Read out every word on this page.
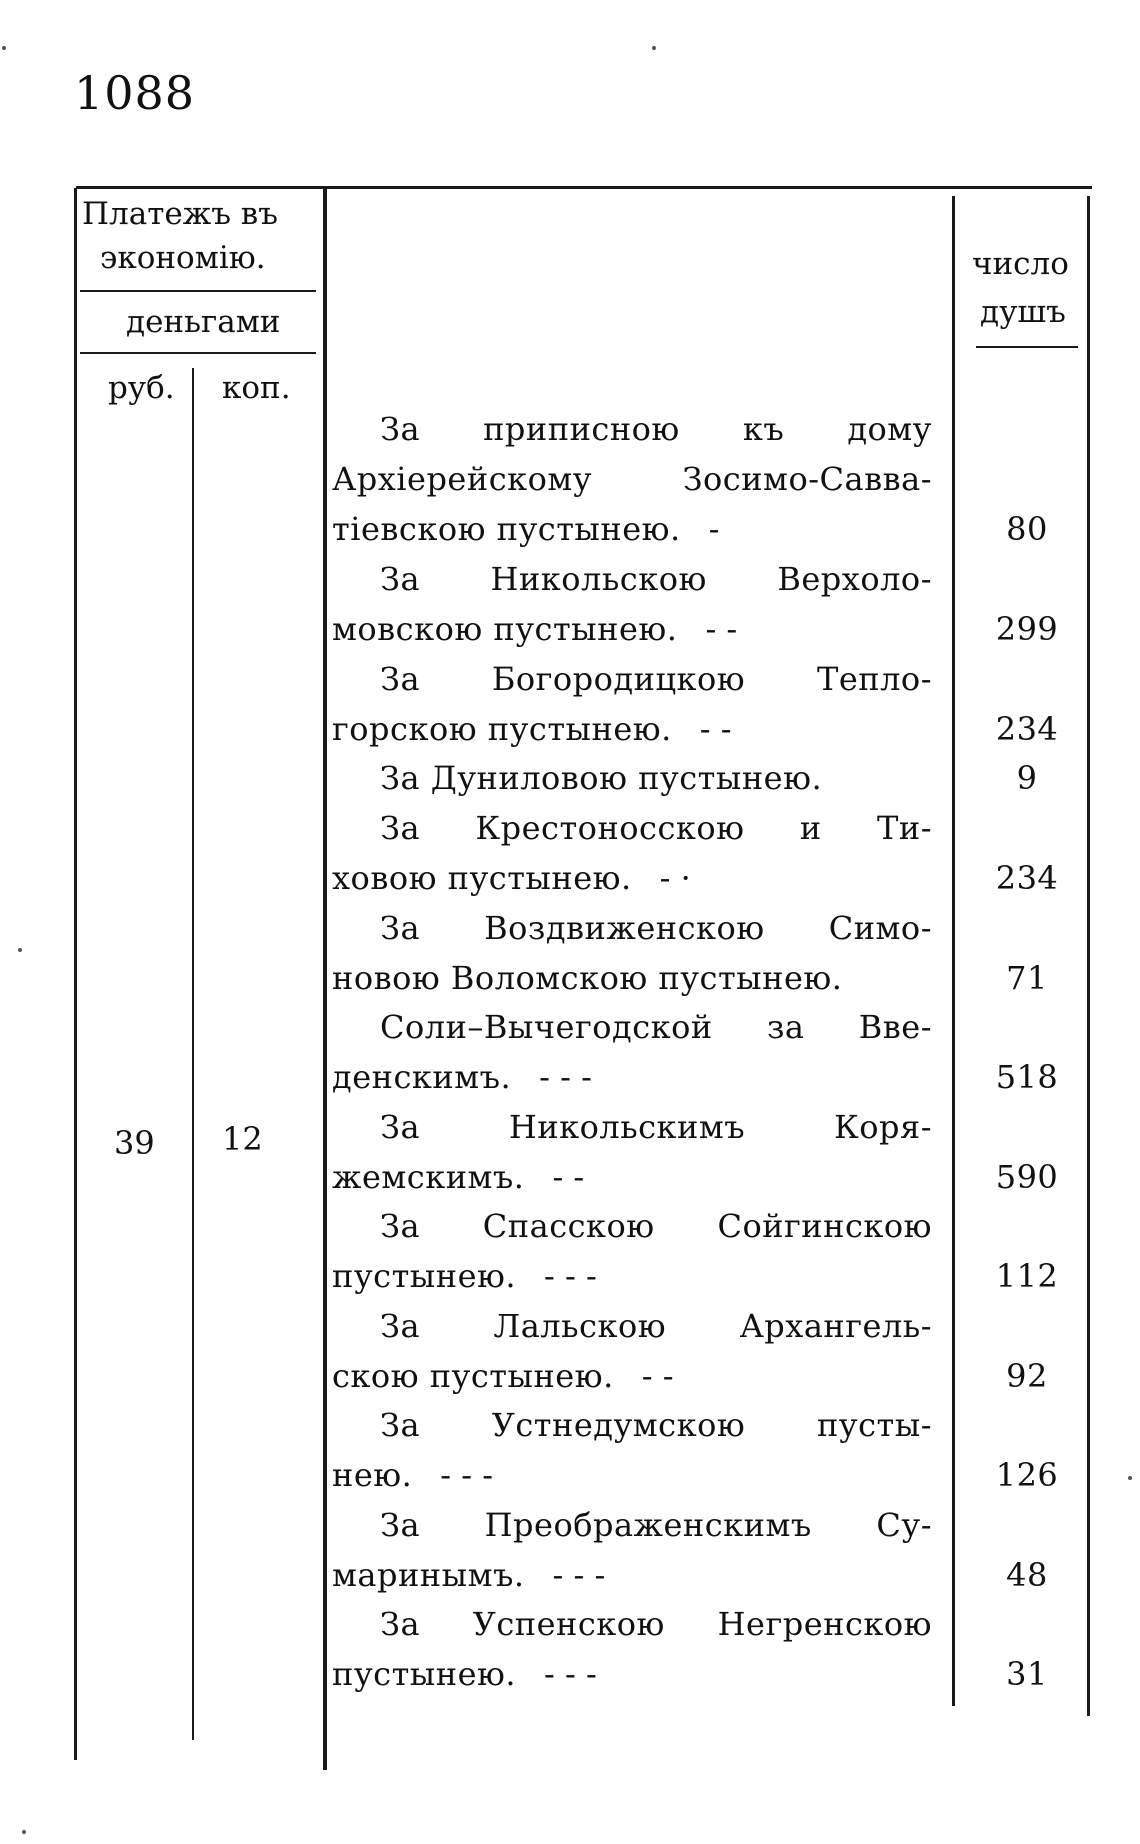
1088
Платежъ въ
экономію.
деньгами
руб. коп.
число
душъ
За приписною къ дому
Архіерейскому Зосимо-Савва-
тіевскою пустынею. -	80
За Никольскою Верхоло-
мовскою пустынею. - -	299
За Богородицкою Тепло-
горскою пустынею. - -	234
За Дуниловою пустынею.	9
За Крестоносскою и Ти-
ховою пустынею. - ·	234
За Воздвиженскою Симо-
новою Воломскою пустынею.	71
Соли–Вычегодской за Вве-
денскимъ. - - -	518
За Никольскимъ Коря-
жемскимъ. - -	590
За Спасскою Сойгинскою
пустынею. - - -	112
За Лальскою Архангель-
скою пустынею. - -	92
За Устнедумскою пусты-
нею. - - -	126
За Преображенскимъ Су-
маринымъ. - - -	48
За Успенскою Негренскою
пустынею. - - -	31
39 12
